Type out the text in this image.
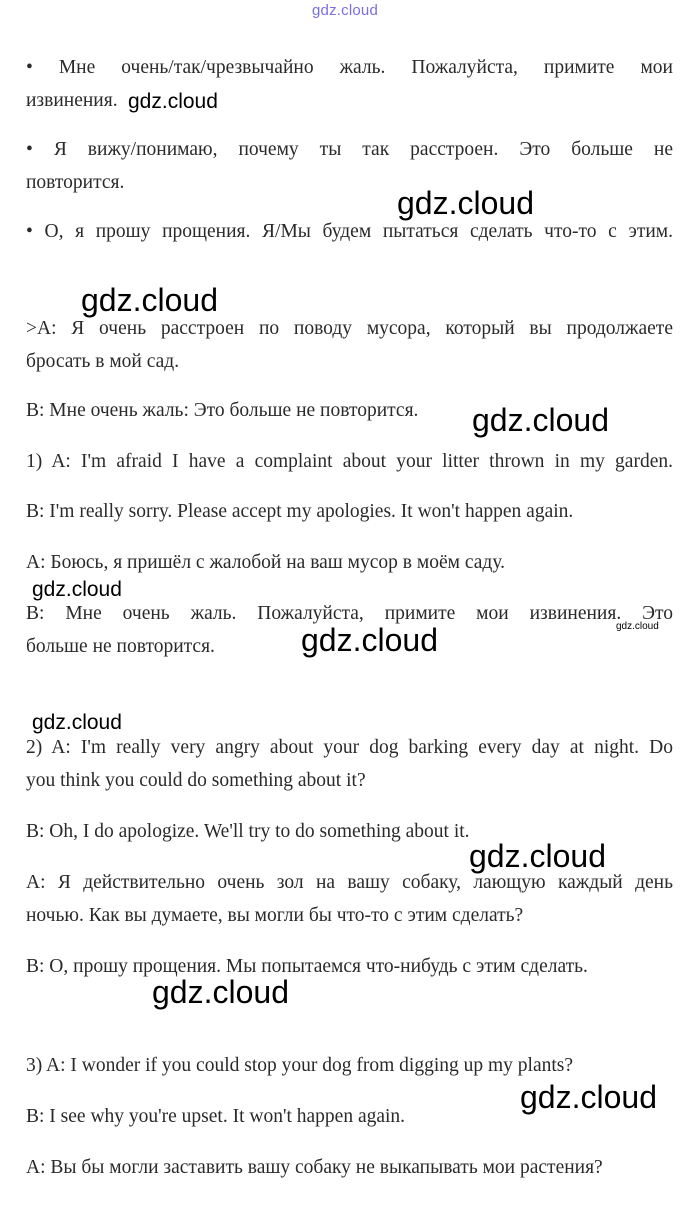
• Мне очень/так/чрезвычайно жаль. Пожалуйста, примите мои
извинения.
• Я вижу/понимаю, почему ты так расстроен. Это больше не
повторится.
• О, я прошу прощения. Я/Мы будем пытаться сделать что-то с этим.
>А: Я очень расстроен по поводу мусора, который вы продолжаете
бросать в мой сад.
В: Мне очень жаль: Это больше не повторится.
1) A: I'm afraid I have a complaint about your litter thrown in my garden.
B: I'm really sorry. Please accept my apologies. It won't happen again.
А: Боюсь, я пришёл с жалобой на ваш мусор в моём саду.
В: Мне очень жаль. Пожалуйста, примите мои извинения. Это
больше не повторится.
2) A: I'm really very angry about your dog barking every day at night. Do
you think you could do something about it?
B: Oh, I do apologize. We'll try to do something about it.
А: Я действительно очень зол на вашу собаку, лающую каждый день
ночью. Как вы думаете, вы могли бы что-то с этим сделать?
В: О, прошу прощения. Мы попытаемся что-нибудь с этим сделать.
3) A: I wonder if you could stop your dog from digging up my plants?
B: I see why you're upset. It won't happen again.
А: Вы бы могли заставить вашу собаку не выкапывать мои растения?
gdz.cloud
gdz.cloud
gdz.cloud
gdz.cloud
gdz.cloud
gdz.cloud
gdz.cloud
gdz.cloud
gdz.cloud
gdz.cloud
gdz.cloud
gdz.cloud
